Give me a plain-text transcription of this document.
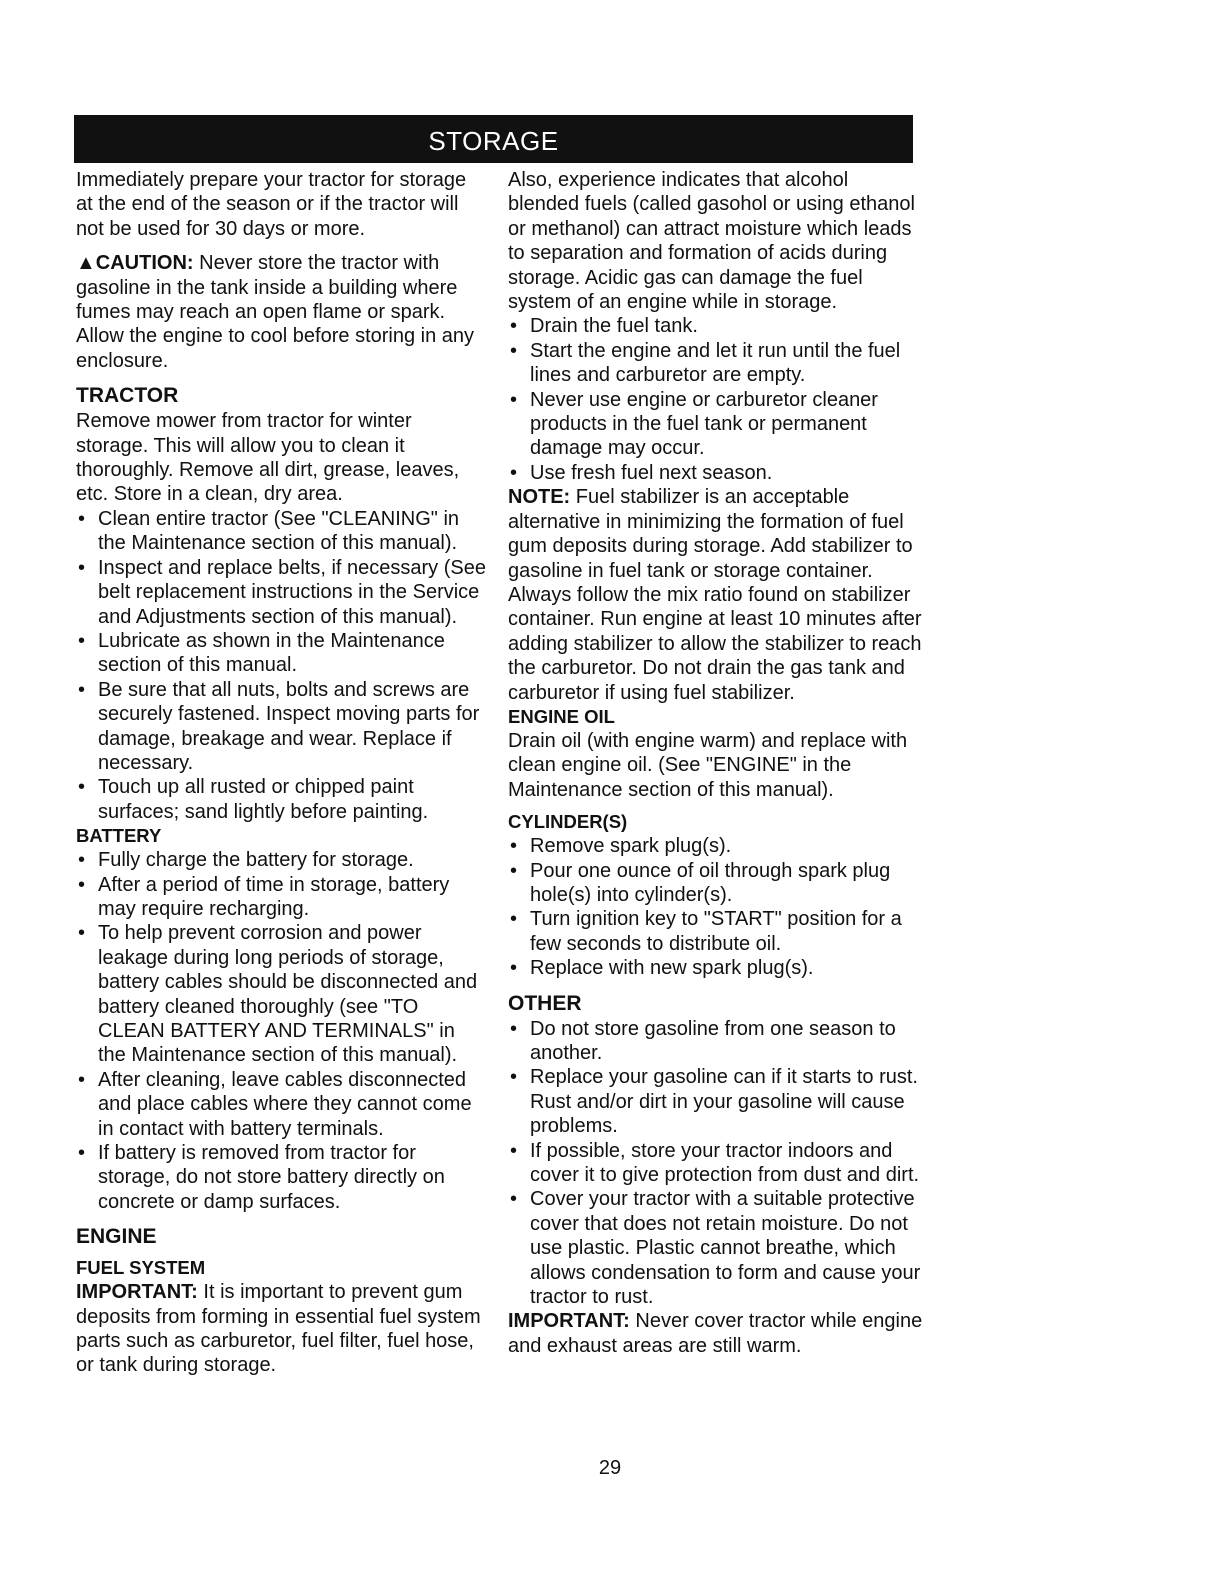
STORAGE

Immediately prepare your tractor for storage at the end of the season or if the tractor will not be used for 30 days or more.

▲CAUTION: Never store the tractor with gasoline in the tank inside a building where fumes may reach an open flame or spark. Allow the engine to cool before storing in any enclosure.

TRACTOR

Remove mower from tractor for winter storage. This will allow you to clean it thoroughly. Remove all dirt, grease, leaves, etc. Store in a clean, dry area.

• Clean entire tractor (See "CLEANING" in the Maintenance section of this manual).
• Inspect and replace belts, if necessary (See belt replacement instructions in the Service and Adjustments section of this manual).
• Lubricate as shown in the Maintenance section of this manual.
• Be sure that all nuts, bolts and screws are securely fastened. Inspect moving parts for damage, breakage and wear. Replace if necessary.
• Touch up all rusted or chipped paint surfaces; sand lightly before painting.

BATTERY

• Fully charge the battery for storage.
• After a period of time in storage, battery may require recharging.
• To help prevent corrosion and power leakage during long periods of storage, battery cables should be disconnected and battery cleaned thoroughly (see "TO CLEAN BATTERY AND TERMINALS" in the Maintenance section of this manual).
• After cleaning, leave cables disconnected and place cables where they cannot come in contact with battery terminals.
• If battery is removed from tractor for storage, do not store battery directly on concrete or damp surfaces.

ENGINE

FUEL SYSTEM

IMPORTANT: It is important to prevent gum deposits from forming in essential fuel system parts such as carburetor, fuel filter, fuel hose, or tank during storage.

Also, experience indicates that alcohol blended fuels (called gasohol or using ethanol or methanol) can attract moisture which leads to separation and formation of acids during storage. Acidic gas can damage the fuel system of an engine while in storage.

• Drain the fuel tank.
• Start the engine and let it run until the fuel lines and carburetor are empty.
• Never use engine or carburetor cleaner products in the fuel tank or permanent damage may occur.
• Use fresh fuel next season.

NOTE: Fuel stabilizer is an acceptable alternative in minimizing the formation of fuel gum deposits during storage. Add stabilizer to gasoline in fuel tank or storage container. Always follow the mix ratio found on stabilizer container. Run engine at least 10 minutes after adding stabilizer to allow the stabilizer to reach the carburetor. Do not drain the gas tank and carburetor if using fuel stabilizer.

ENGINE OIL

Drain oil (with engine warm) and replace with clean engine oil. (See "ENGINE" in the Maintenance section of this manual).

CYLINDER(S)

• Remove spark plug(s).
• Pour one ounce of oil through spark plug hole(s) into cylinder(s).
• Turn ignition key to "START" position for a few seconds to distribute oil.
• Replace with new spark plug(s).

OTHER

• Do not store gasoline from one season to another.
• Replace your gasoline can if it starts to rust. Rust and/or dirt in your gasoline will cause problems.
• If possible, store your tractor indoors and cover it to give protection from dust and dirt.
• Cover your tractor with a suitable protective cover that does not retain moisture. Do not use plastic. Plastic cannot breathe, which allows condensation to form and cause your tractor to rust.

IMPORTANT: Never cover tractor while engine and exhaust areas are still warm.

29
